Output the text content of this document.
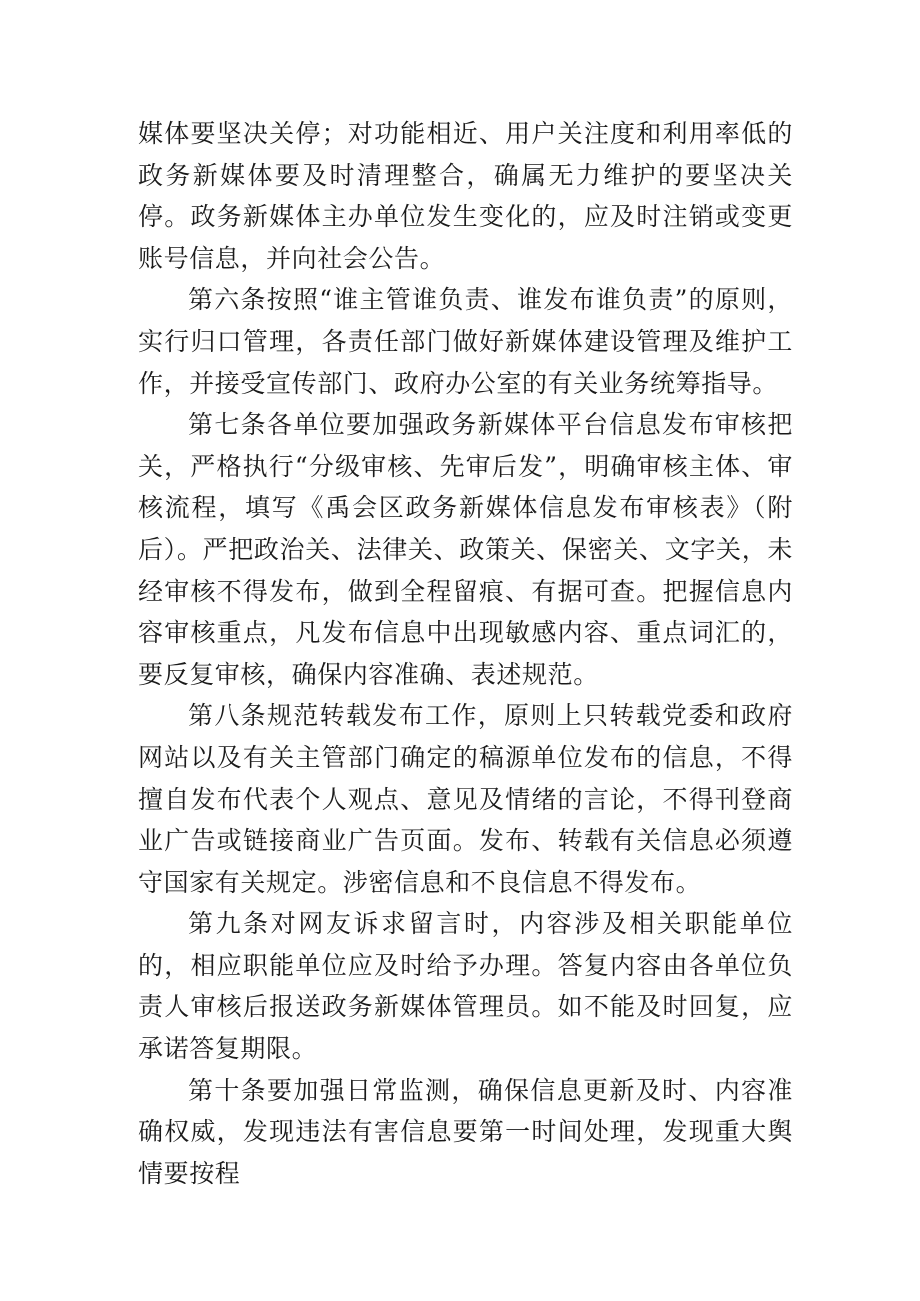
媒体要坚决关停；对功能相近、用户关注度和利用率低的政务新媒体要及时清理整合，确属无力维护的要坚决关停。政务新媒体主办单位发生变化的，应及时注销或变更账号信息，并向社会公告。

第六条按照“谁主管谁负责、谁发布谁负责”的原则，实行归口管理，各责任部门做好新媒体建设管理及维护工作，并接受宣传部门、政府办公室的有关业务统筹指导。

第七条各单位要加强政务新媒体平台信息发布审核把关，严格执行“分级审核、先审后发”，明确审核主体、审核流程，填写《禹会区政务新媒体信息发布审核表》（附后）。严把政治关、法律关、政策关、保密关、文字关，未经审核不得发布，做到全程留痕、有据可查。把握信息内容审核重点，凡发布信息中出现敏感内容、重点词汇的，要反复审核，确保内容准确、表述规范。

第八条规范转载发布工作，原则上只转载党委和政府网站以及有关主管部门确定的稿源单位发布的信息，不得擅自发布代表个人观点、意见及情绪的言论，不得刊登商业广告或链接商业广告页面。发布、转载有关信息必须遵守国家有关规定。涉密信息和不良信息不得发布。

第九条对网友诉求留言时，内容涉及相关职能单位的，相应职能单位应及时给予办理。答复内容由各单位负责人审核后报送政务新媒体管理员。如不能及时回复，应承诺答复期限。

第十条要加强日常监测，确保信息更新及时、内容准确权威，发现违法有害信息要第一时间处理，发现重大舆情要按程
